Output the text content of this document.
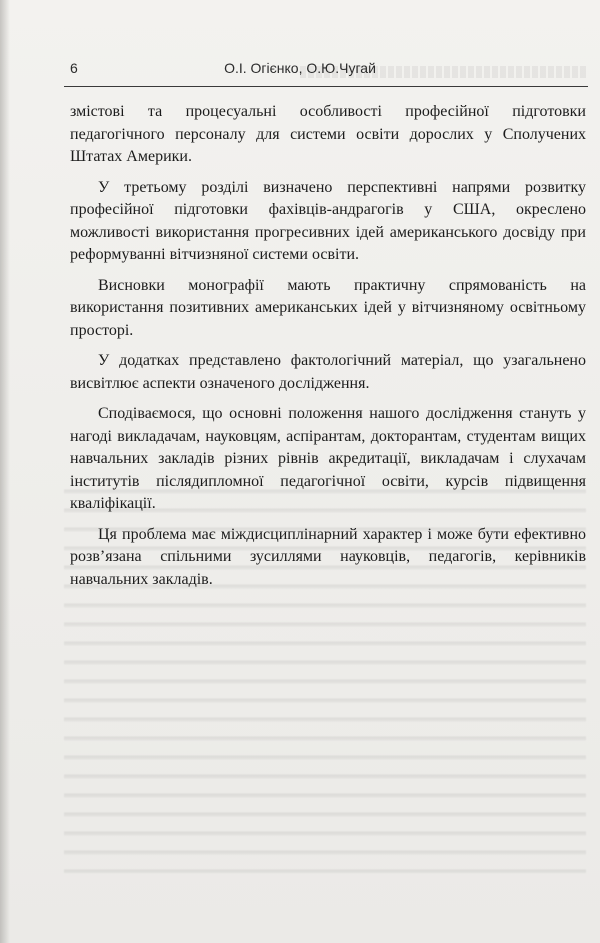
6	О.І. Огієнко, О.Ю.Чугай

змістові та процесуальні особливості професійної підготовки педагогічного персоналу для системи освіти дорослих у Сполучених Штатах Америки.

У третьому розділі визначено перспективні напрями розвитку професійної підготовки фахівців-андрагогів у США, окреслено можливості використання прогресивних ідей американського досвіду при реформуванні вітчизняної системи освіти.

Висновки монографії мають практичну спрямованість на використання позитивних американських ідей у вітчизняному освітньому просторі.

У додатках представлено фактологічний матеріал, що узагальнено висвітлює аспекти означеного дослідження.

Сподіваємося, що основні положення нашого дослідження стануть у нагоді викладачам, науковцям, аспірантам, докторантам, студентам вищих навчальних закладів різних рівнів акредитації, викладачам і слухачам інститутів післядипломної педагогічної освіти, курсів підвищення кваліфікації.

Ця проблема має міждисциплінарний характер і може бути ефективно розв’язана спільними зусиллями науковців, педагогів, керівників навчальних закладів.
